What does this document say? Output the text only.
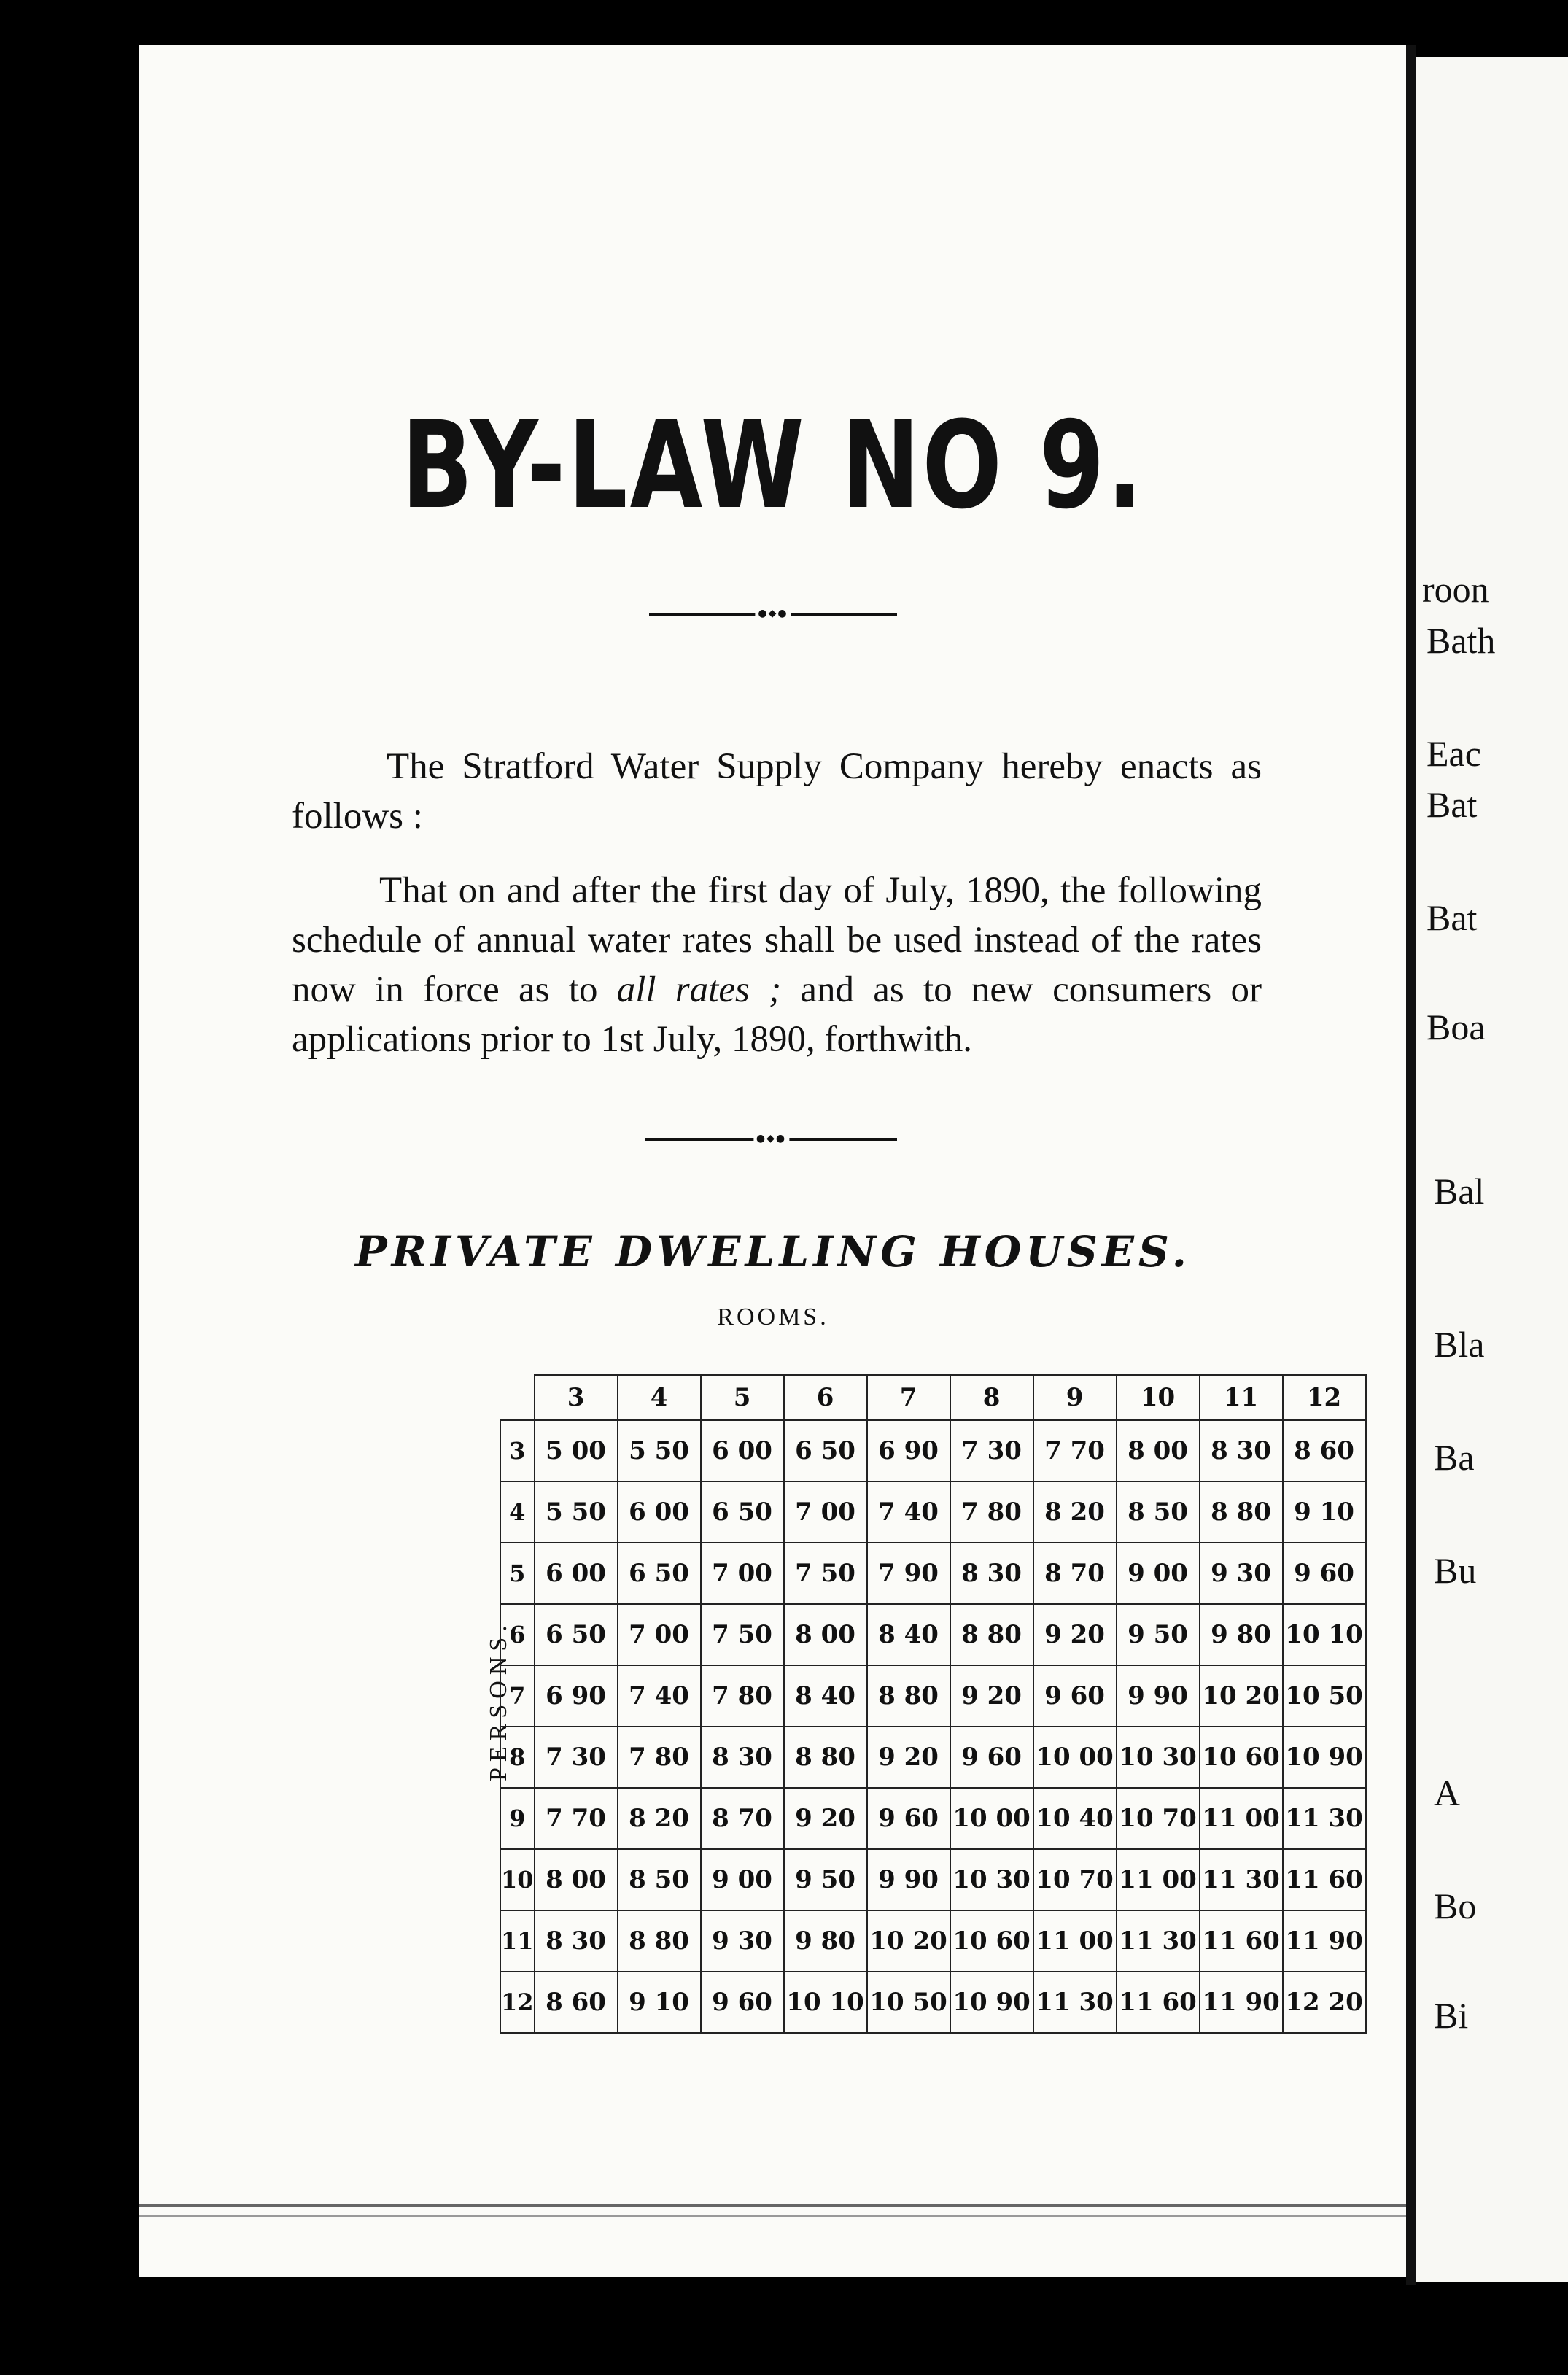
BY-LAW NO 9.
●◆●
The Stratford Water Supply Company hereby enacts as follows :
That on and after the first day of July, 1890, the following schedule of annual water rates shall be used instead of the rates now in force as to all rates ; and as to new consumers or applications prior to 1st July, 1890, forthwith.
●◆●
PRIVATE DWELLING HOUSES.
ROOMS.
PERSONS.
	3	4	5	6	7	8	9	10	11	12
3	5 00	5 50	6 00	6 50	6 90	7 30	7 70	8 00	8 30	8 60
4	5 50	6 00	6 50	7 00	7 40	7 80	8 20	8 50	8 80	9 10
5	6 00	6 50	7 00	7 50	7 90	8 30	8 70	9 00	9 30	9 60
6	6 50	7 00	7 50	8 00	8 40	8 80	9 20	9 50	9 80	10 10
7	6 90	7 40	7 80	8 40	8 80	9 20	9 60	9 90	10 20	10 50
8	7 30	7 80	8 30	8 80	9 20	9 60	10 00	10 30	10 60	10 90
9	7 70	8 20	8 70	9 20	9 60	10 00	10 40	10 70	11 00	11 30
10	8 00	8 50	9 00	9 50	9 90	10 30	10 70	11 00	11 30	11 60
11	8 30	8 80	9 30	9 80	10 20	10 60	11 00	11 30	11 60	11 90
12	8 60	9 10	9 60	10 10	10 50	10 90	11 30	11 60	11 90	12 20
roon
Bath
Eac
Bat
Bat
Boa
Bal
Bla
Ba
Bu
A
Bo
Bi
